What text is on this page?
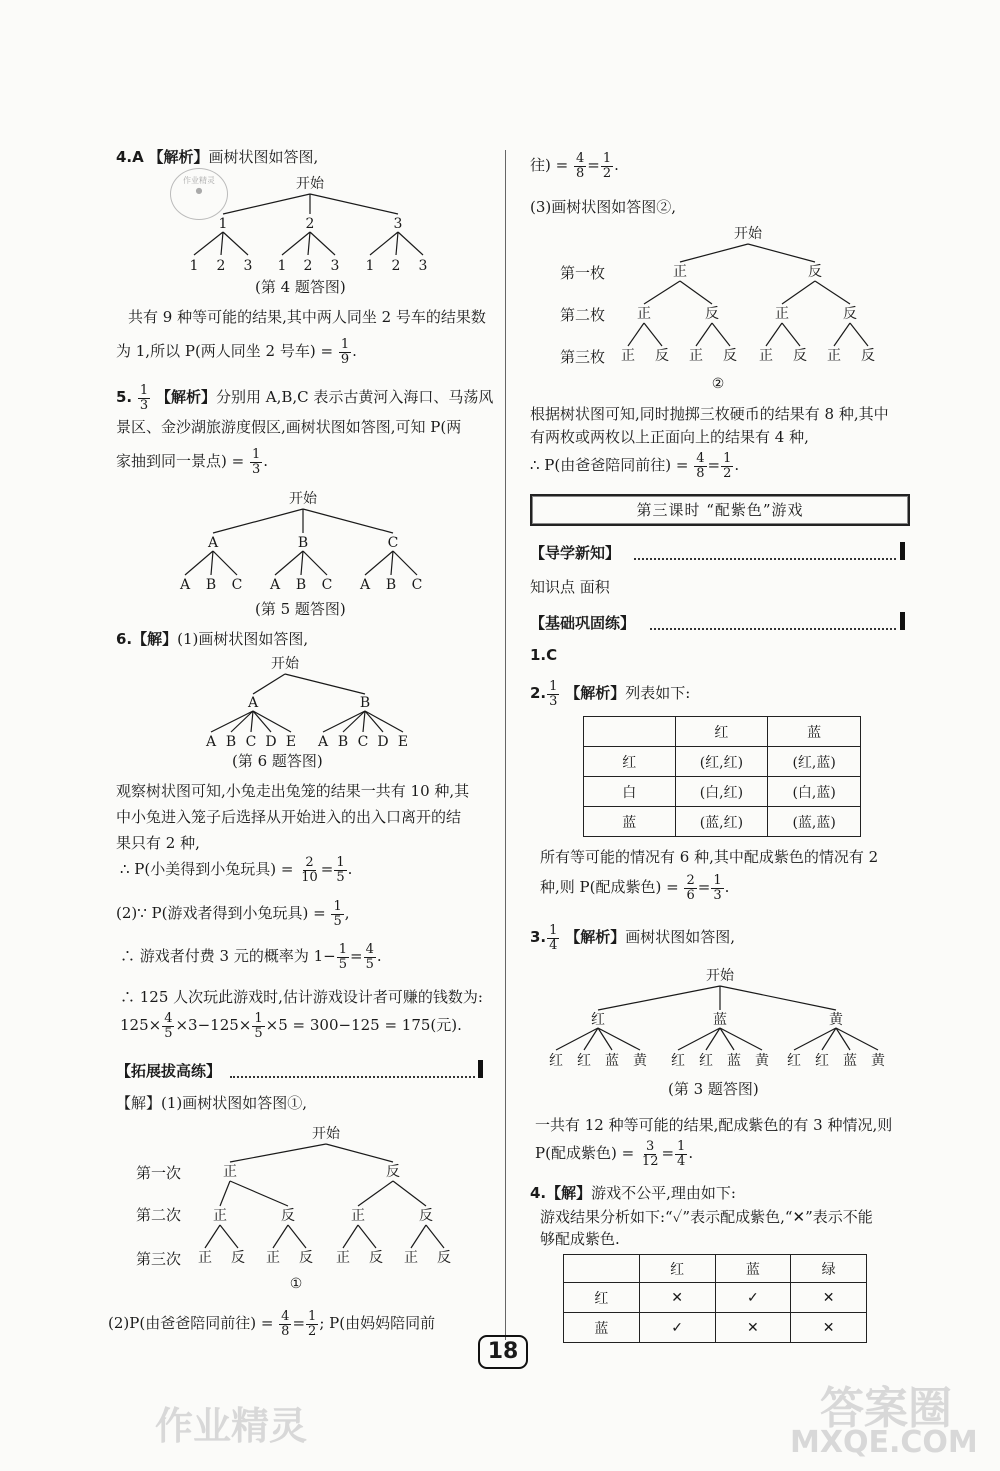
作业精灵
●
作业精灵	答案圈
MXQE.COM
4.A 【解析】画树状图如答图,
开始
1	2	3
1 2 3 1 2 3 1 2 3
(第 4 题答图)
共有 9 种等可能的结果,其中两人同坐 2 号车的结果数
为 1,所以 P(两人同坐 2 号车) = $\frac{1}{9}$ .
5. $\frac{1}{3}$ 【解析】分别用 A,B,C 表示古黄河入海口、马荡风
景区、金沙湖旅游度假区,画树状图如答图,可知 P(两
家抽到同一景点) = $\frac{1}{3}$ .
开始
A	B	C
A B C A B C A B C
(第 5 题答图)
6.【解】(1)画树状图如答图,
开始
A	B
A B C D E A B C D E
(第 6 题答图)
观察树状图可知,小兔走出兔笼的结果一共有 10 种,其
中小兔进入笼子后选择从开始进入的出入口离开的结
果只有 2 种,
∴ P(小美得到小兔玩具) = $\frac{2}{10} = \frac{1}{5}$ .
(2)∵ P(游戏者得到小兔玩具) = $\frac{1}{5}$ ,
∴ 游戏者付费 3 元的概率为 $1- \frac{1}{5} = \frac{4}{5}$ .
∴ 125 人次玩此游戏时,估计游戏设计者可赚的钱数为:
$125\times \frac{4}{5} \times 3-125\times \frac{1}{5} \times 5 = 300-125 = 175$(元).
【拓展拔高练】
【解】(1)画树状图如答图①,
第一次
第二次
第三次
开始
正	反
正	反	正	反
正 反 正 反 正 反 正 反
①
(2)P(由爸爸陪同前往) = $\frac{4}{8} = \frac{1}{2}$ ; P(由妈妈陪同前
往) = $\frac{4}{8} = \frac{1}{2}$ .
(3)画树状图如答图②,
第一枚
第二枚
第三枚
开始
正	反
正	反	正	反
正 反 正 反 正 反 正 反
②
根据树状图可知,同时抛掷三枚硬币的结果有 8 种,其中
有两枚或两枚以上正面向上的结果有 4 种,
∴ P(由爸爸陪同前往) = $\frac{4}{8} = \frac{1}{2}$ .
第三课时 “配紫色”游戏
【导学新知】
知识点 面积
【基础巩固练】
1.C
2. $\frac{1}{3}$ 【解析】列表如下:
	红	蓝
红	(红,红)	(红,蓝)
白	(白,红)	(白,蓝)
蓝	(蓝,红)	(蓝,蓝)
所有等可能的情况有 6 种,其中配成紫色的情况有 2
种,则 P(配成紫色) = $\frac{2}{6} = \frac{1}{3}$ .
3. $\frac{1}{4}$ 【解析】画树状图如答图,
开始
红	蓝	黄
红 红 蓝 黄 红 红 蓝 黄 红 红 蓝 黄
(第 3 题答图)
一共有 12 种等可能的结果,配成紫色的有 3 种情况,则
P(配成紫色) = $\frac{3}{12} = \frac{1}{4}$ .
4.【解】游戏不公平,理由如下:
游戏结果分析如下:“✓”表示配成紫色,“✕”表示不能
够配成紫色.
	红	蓝	绿
红	✕	✓	✕
蓝	✓	✕	✕
18
